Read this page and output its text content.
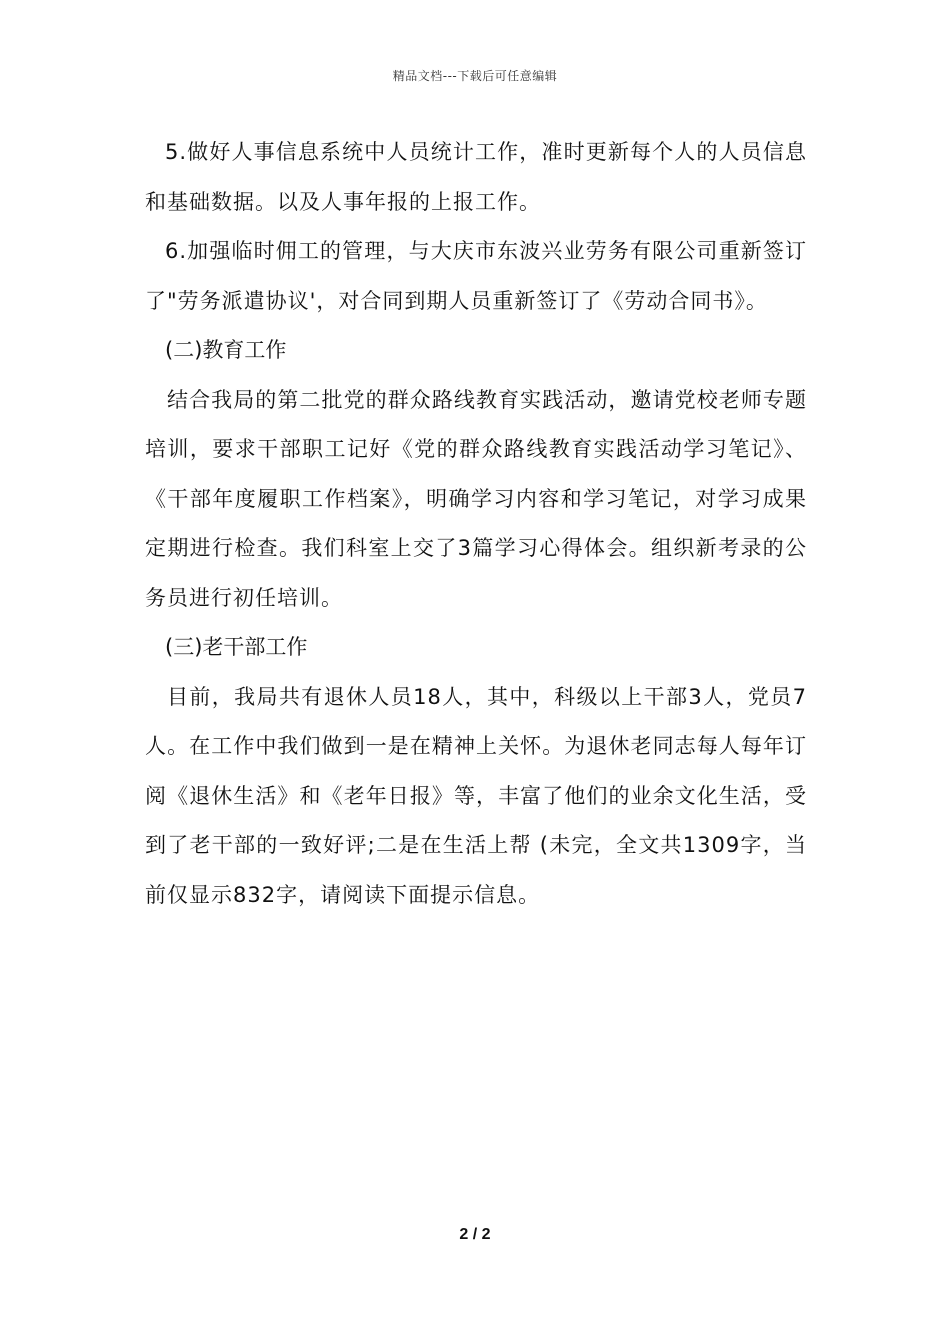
精品文档---下载后可任意编辑

5.做好人事信息系统中人员统计工作，准时更新每个人的人员信息和基础数据。以及人事年报的上报工作。

6.加强临时佣工的管理，与大庆市东波兴业劳务有限公司重新签订了"劳务派遣协议'，对合同到期人员重新签订了《劳动合同书》。

(二)教育工作

结合我局的第二批党的群众路线教育实践活动，邀请党校老师专题培训，要求干部职工记好《党的群众路线教育实践活动学习笔记》、《干部年度履职工作档案》，明确学习内容和学习笔记，对学习成果定期进行检查。我们科室上交了3篇学习心得体会。组织新考录的公务员进行初任培训。

(三)老干部工作

目前，我局共有退休人员18人，其中，科级以上干部3人，党员7人。在工作中我们做到一是在精神上关怀。为退休老同志每人每年订阅《退休生活》和《老年日报》等，丰富了他们的业余文化生活，受到了老干部的一致好评;二是在生活上帮 (未完，全文共1309字，当前仅显示832字，请阅读下面提示信息。

2 / 2
